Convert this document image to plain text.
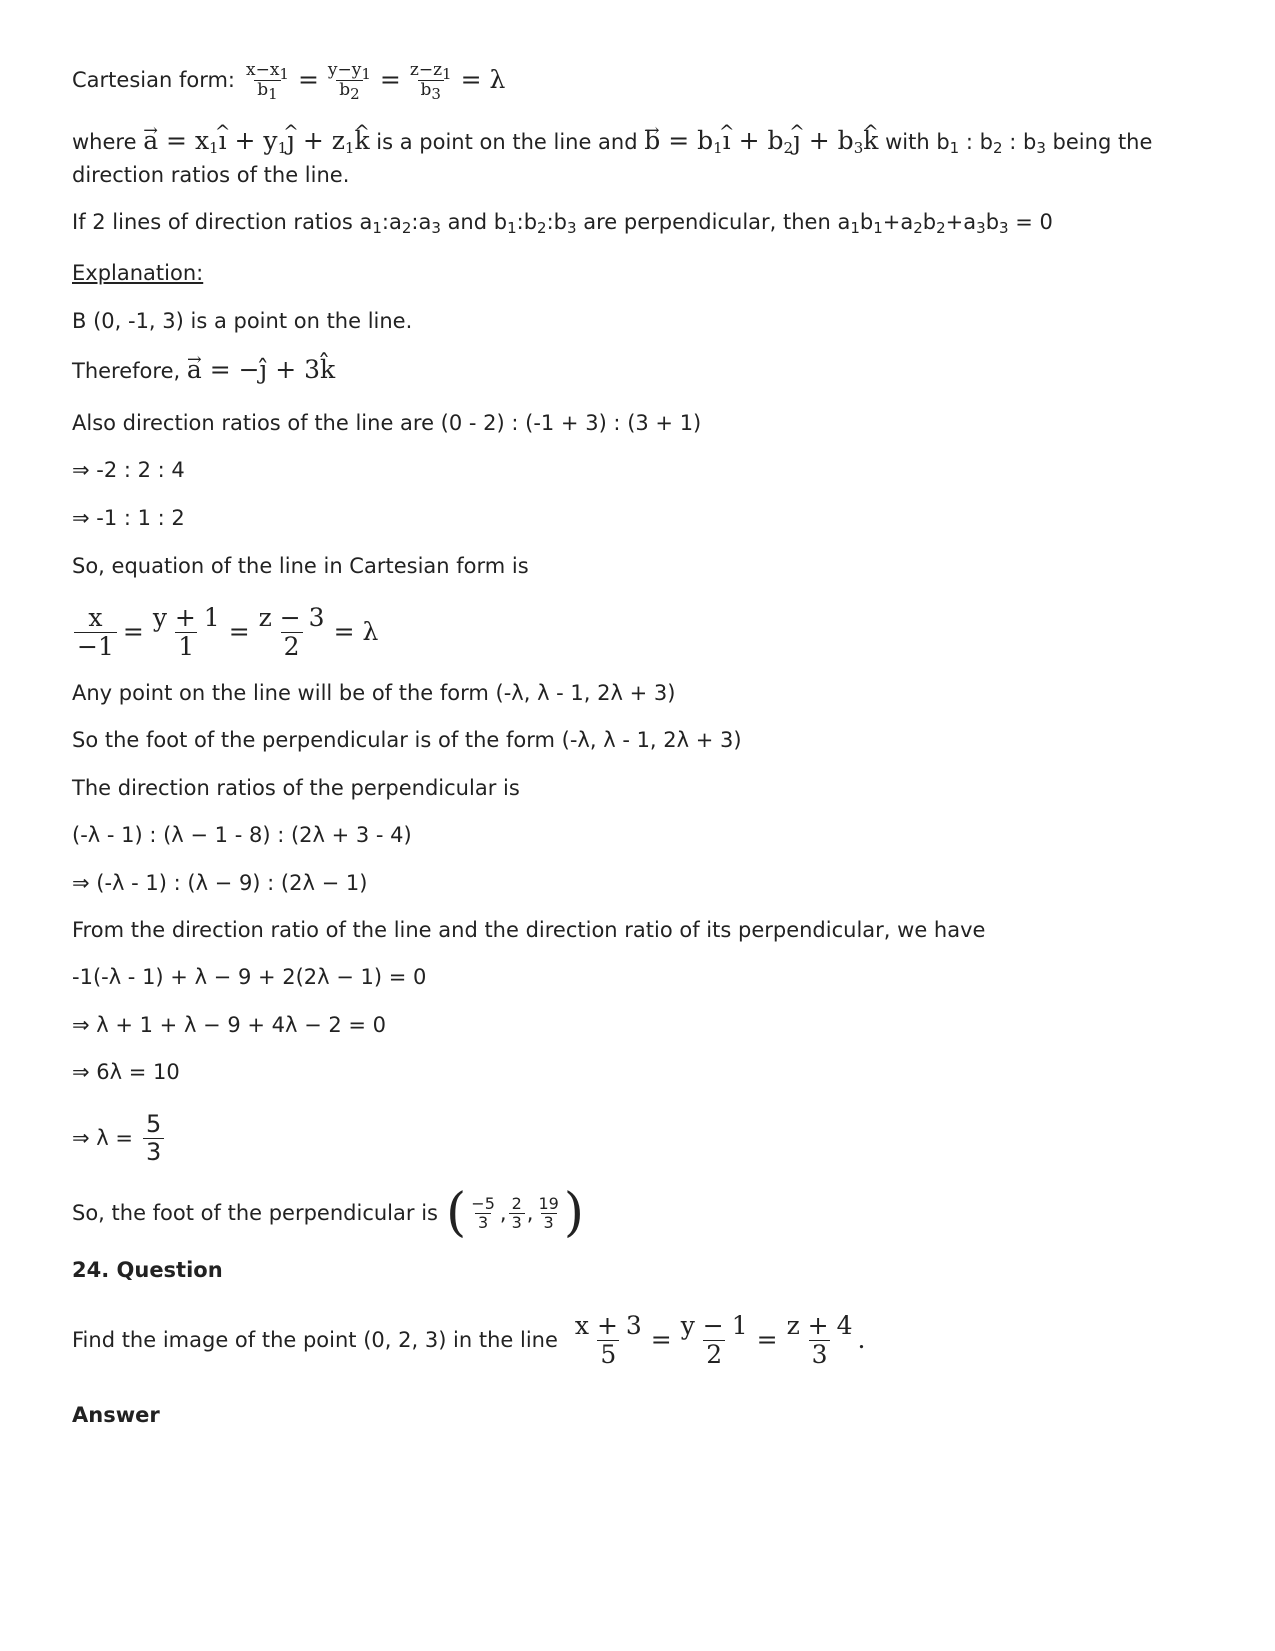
Cartesian form: $\frac{x-x_1}{b_1} = \frac{y-y_1}{b_2} = \frac{z-z_1}{b_3} = \lambda$
where → $a = x_1\^{}$ ı + $y_1\^{}$ ȷ + $z_1\^{}$ k is a point on the line and → $b = b_1\^{}$ ı + $b_2\^{}$ ȷ + $b_3\^{}$ k with $b_1$ : $b_2$ : $b_3$ being the
direction ratios of the line.
If 2 lines of direction ratios $a_1:a_2:a_3$ and $b_1:b_2:b_3$ are perpendicular, then $a_1b_1+a_2b_2+a_3b_3 = 0$
Explanation:
B (0, -1, 3) is a point on the line.
Therefore, → a = −ĵ + 3k̂
Also direction ratios of the line are (0 - 2) : (-1 + 3) : (3 + 1)
⇒ -2 : 2 : 4
⇒ -1 : 1 : 2
So, equation of the line in Cartesian form is
$\frac{x}{-1} = \frac{y + 1}{1} = \frac{z - 3}{2} = \lambda$
Any point on the line will be of the form (-λ, λ - 1, 2λ + 3)
So the foot of the perpendicular is of the form (-λ, λ - 1, 2λ + 3)
The direction ratios of the perpendicular is
(-λ - 1) : (λ − 1 - 8) : (2λ + 3 - 4)
⇒ (-λ - 1) : (λ − 9) : (2λ − 1)
From the direction ratio of the line and the direction ratio of its perpendicular, we have
-1(-λ - 1) + λ − 9 + 2(2λ − 1) = 0
⇒ λ + 1 + λ − 9 + 4λ − 2 = 0
⇒ 6λ = 10
⇒ $\lambda = \frac{5}{3}$
So, the foot of the perpendicular is ( $\frac{-5}{3}$ , $\frac{2}{3}$ , $\frac{19}{3}$ )
24. Question
Find the image of the point (0, 2, 3) in the line $\frac{x + 3}{5} = \frac{y - 1}{2} = \frac{z + 4}{3}$ .
Answer
